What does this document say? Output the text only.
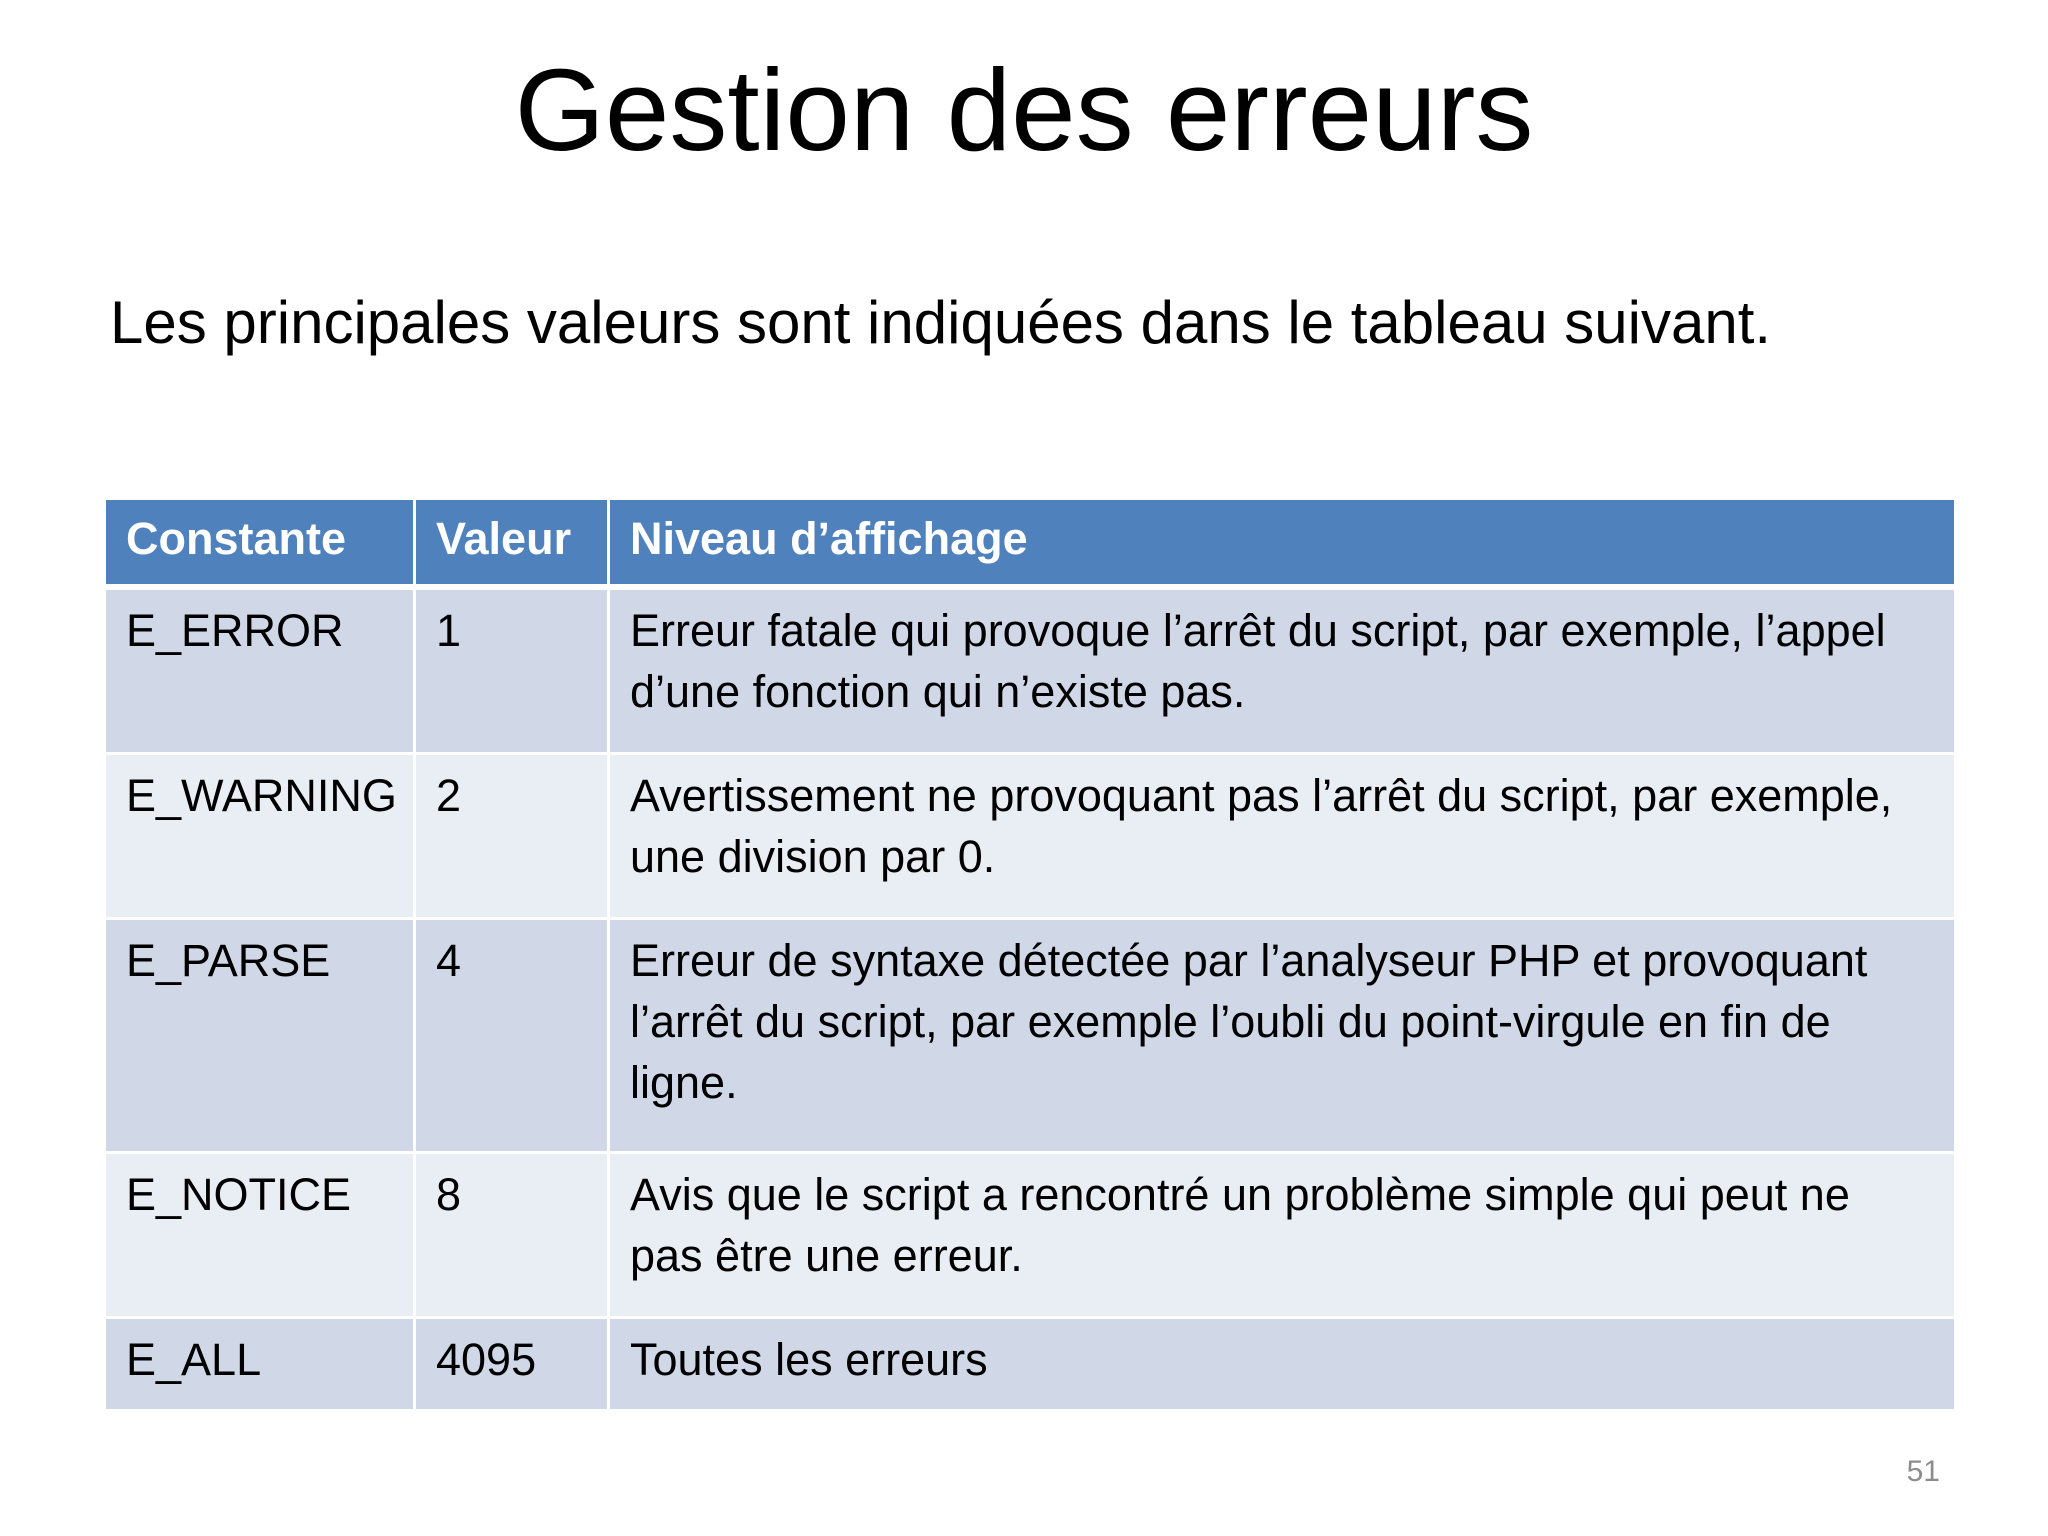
Gestion des erreurs
Les principales valeurs sont indiquées dans le tableau suivant.
Constante	Valeur	Niveau d’affichage
E_ERROR	1	Erreur fatale qui provoque l’arrêt du script, par exemple, l’appel d’une fonction qui n’existe pas.
E_WARNING	2	Avertissement ne provoquant pas l’arrêt du script, par exemple, une division par 0.
E_PARSE	4	Erreur de syntaxe détectée par l’analyseur PHP et provoquant l’arrêt du script, par exemple l’oubli du point-virgule en fin de ligne.
E_NOTICE	8	Avis que le script a rencontré un problème simple qui peut ne pas être une erreur.
E_ALL	4095	Toutes les erreurs
51
